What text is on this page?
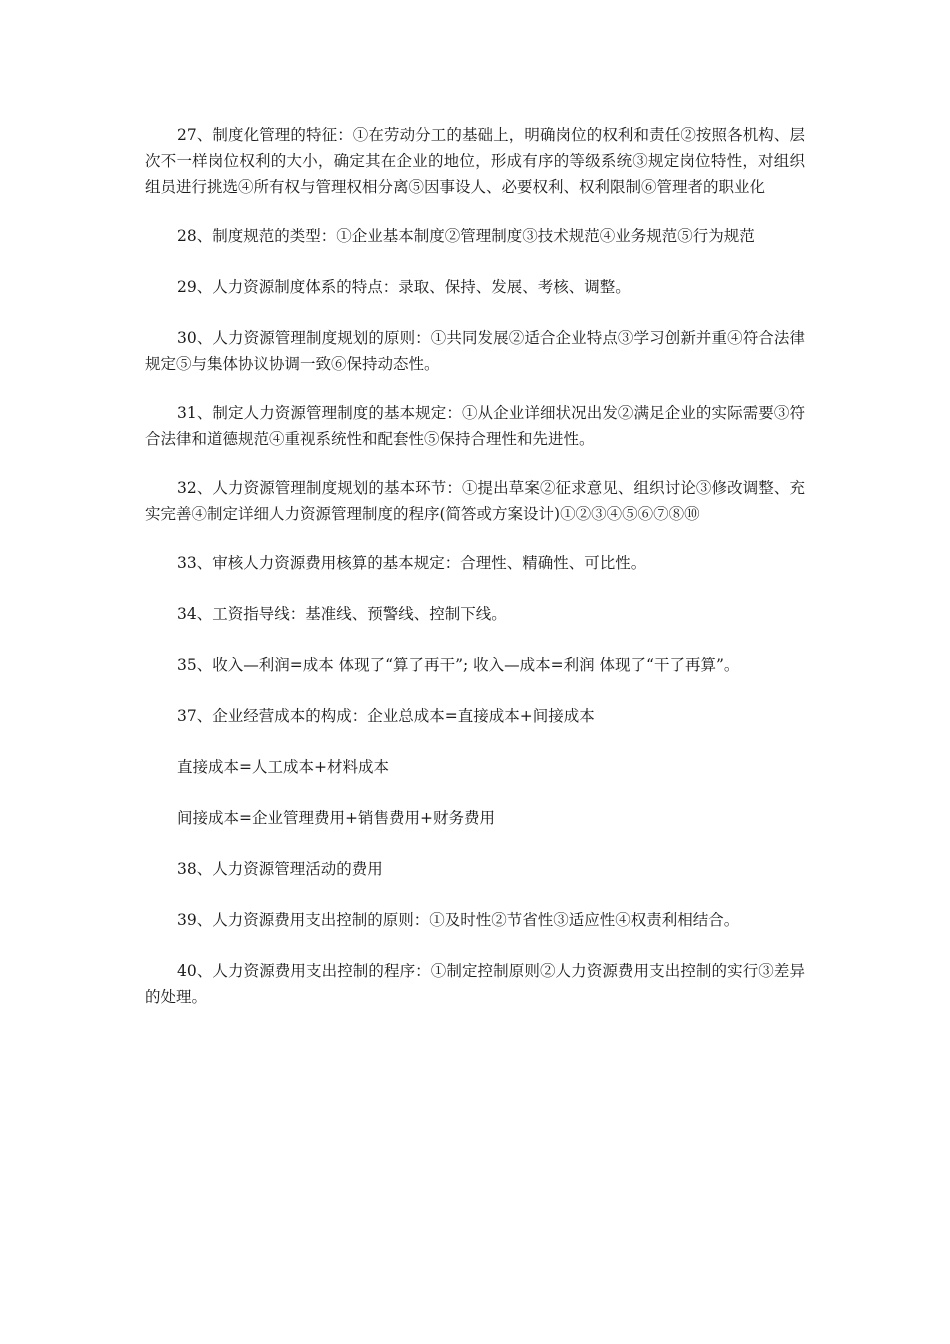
27、制度化管理的特征：①在劳动分工的基础上，明确岗位的权利和责任②按照各机构、层次不一样岗位权利的大小，确定其在企业的地位，形成有序的等级系统③规定岗位特性，对组织组员进行挑选④所有权与管理权相分离⑤因事设人、必要权利、权利限制⑥管理者的职业化

28、制度规范的类型：①企业基本制度②管理制度③技术规范④业务规范⑤行为规范

29、人力资源制度体系的特点：录取、保持、发展、考核、调整。

30、人力资源管理制度规划的原则：①共同发展②适合企业特点③学习创新并重④符合法律规定⑤与集体协议协调一致⑥保持动态性。

31、制定人力资源管理制度的基本规定：①从企业详细状况出发②满足企业的实际需要③符合法律和道德规范④重视系统性和配套性⑤保持合理性和先进性。

32、人力资源管理制度规划的基本环节：①提出草案②征求意见、组织讨论③修改调整、充实完善④制定详细人力资源管理制度的程序(简答或方案设计)①②③④⑤⑥⑦⑧⑩

33、审核人力资源费用核算的基本规定：合理性、精确性、可比性。

34、工资指导线：基准线、预警线、控制下线。

35、收入—利润=成本 体现了“算了再干”; 收入—成本=利润 体现了“干了再算”。

37、企业经营成本的构成：企业总成本=直接成本+间接成本

直接成本=人工成本+材料成本

间接成本=企业管理费用+销售费用+财务费用

38、人力资源管理活动的费用

39、人力资源费用支出控制的原则：①及时性②节省性③适应性④权责利相结合。

40、人力资源费用支出控制的程序：①制定控制原则②人力资源费用支出控制的实行③差异的处理。
